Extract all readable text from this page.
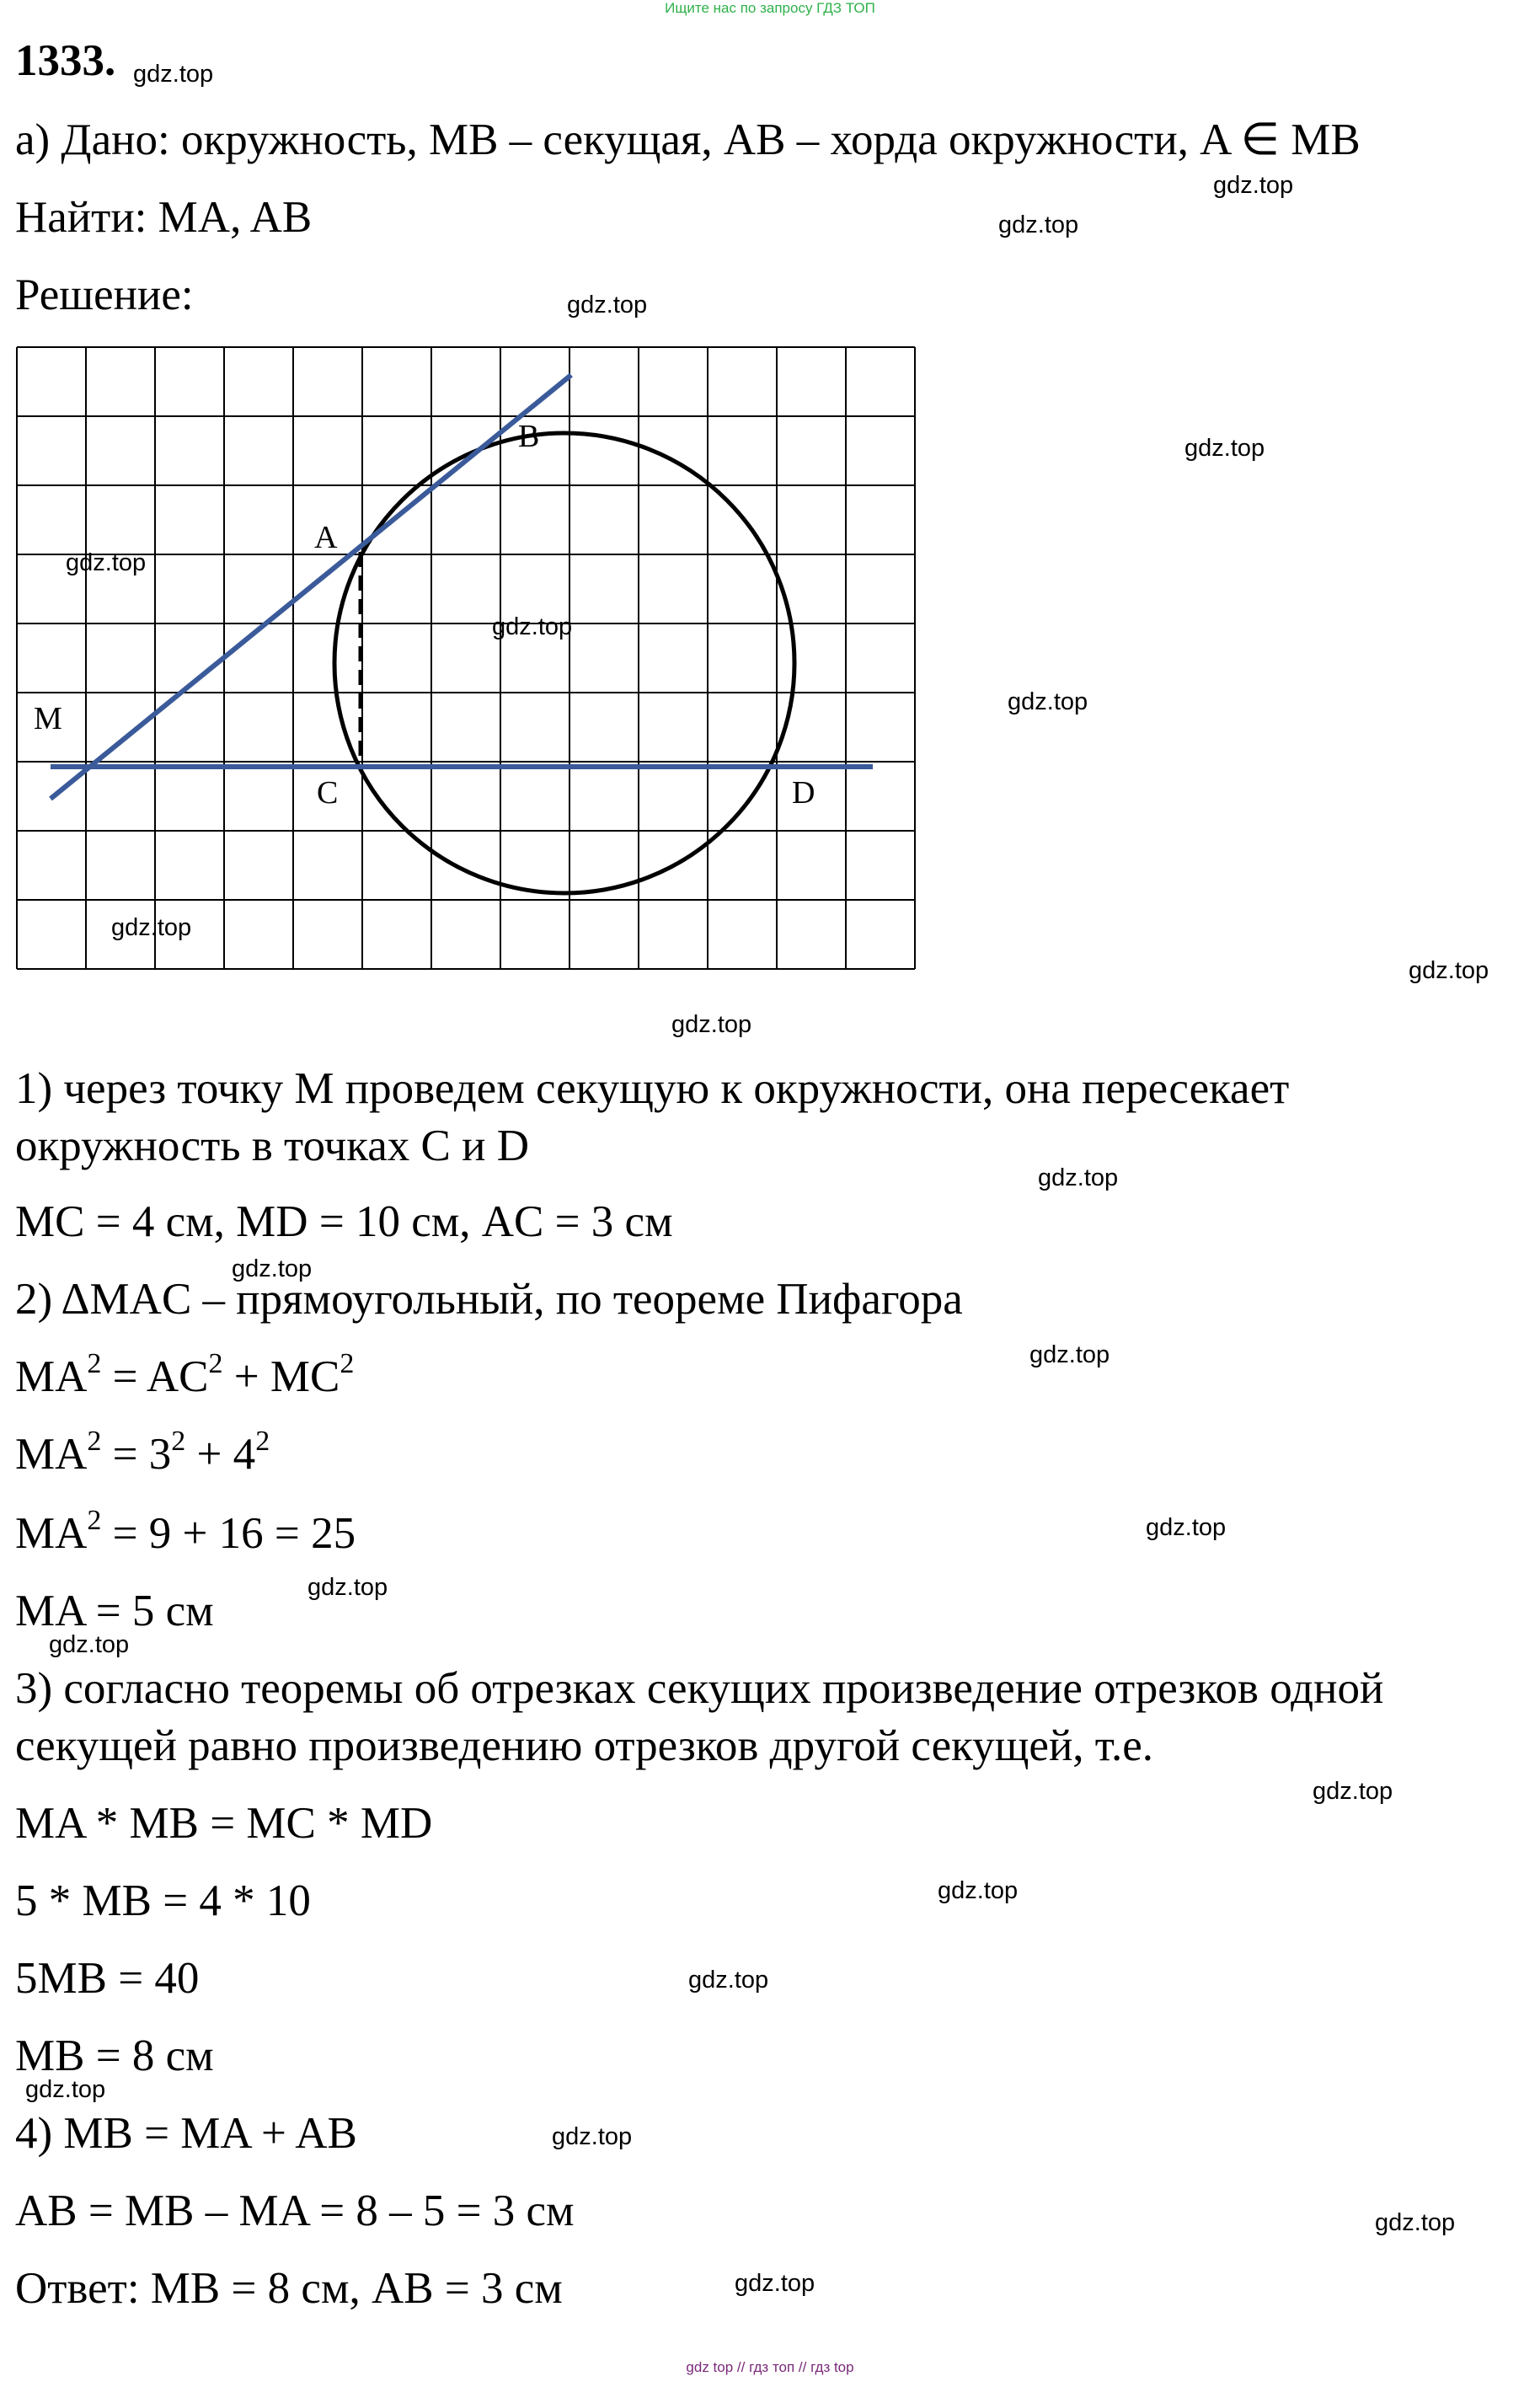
Ищите нас по запросу ГДЗ ТОП
1333. gdz.top
а) Дано: окружность, MB – секущая, AB – хорда окружности, A ∈ MB
gdz.top
Найти: MA, AB	gdz.top
Решение:	gdz.top
B
A
M
C	D
gdz.top
gdz.top
gdz.top
gdz.top
gdz.top
gdz.top
gdz.top
1) через точку M проведем секущую к окружности, она пересекает
окружность в точках C и D
gdz.top
MC = 4 см, MD = 10 см, AC = 3 см
gdz.top
2) ΔMAC – прямоугольный, по теореме Пифагора
gdz.top
$MA^2 = AC^2 + MC^2$
$MA^2 = 3^2 + 4^2$
$MA^2 = 9 + 16 = 25$	gdz.top
gdz.top
MA = 5 см
gdz.top
3) согласно теоремы об отрезках секущих произведение отрезков одной
секущей равно произведению отрезков другой секущей, т.е.
gdz.top
MA * MB = MC * MD
gdz.top
5 * MB = 4 * 10
5MB = 40	gdz.top
MB = 8 см
gdz.top
4) MB = MA + AB	gdz.top
AB = MB – MA = 8 – 5 = 3 см	gdz.top
Ответ: MB = 8 см, AB = 3 см	gdz.top
gdz top // гдз топ // гдз top
